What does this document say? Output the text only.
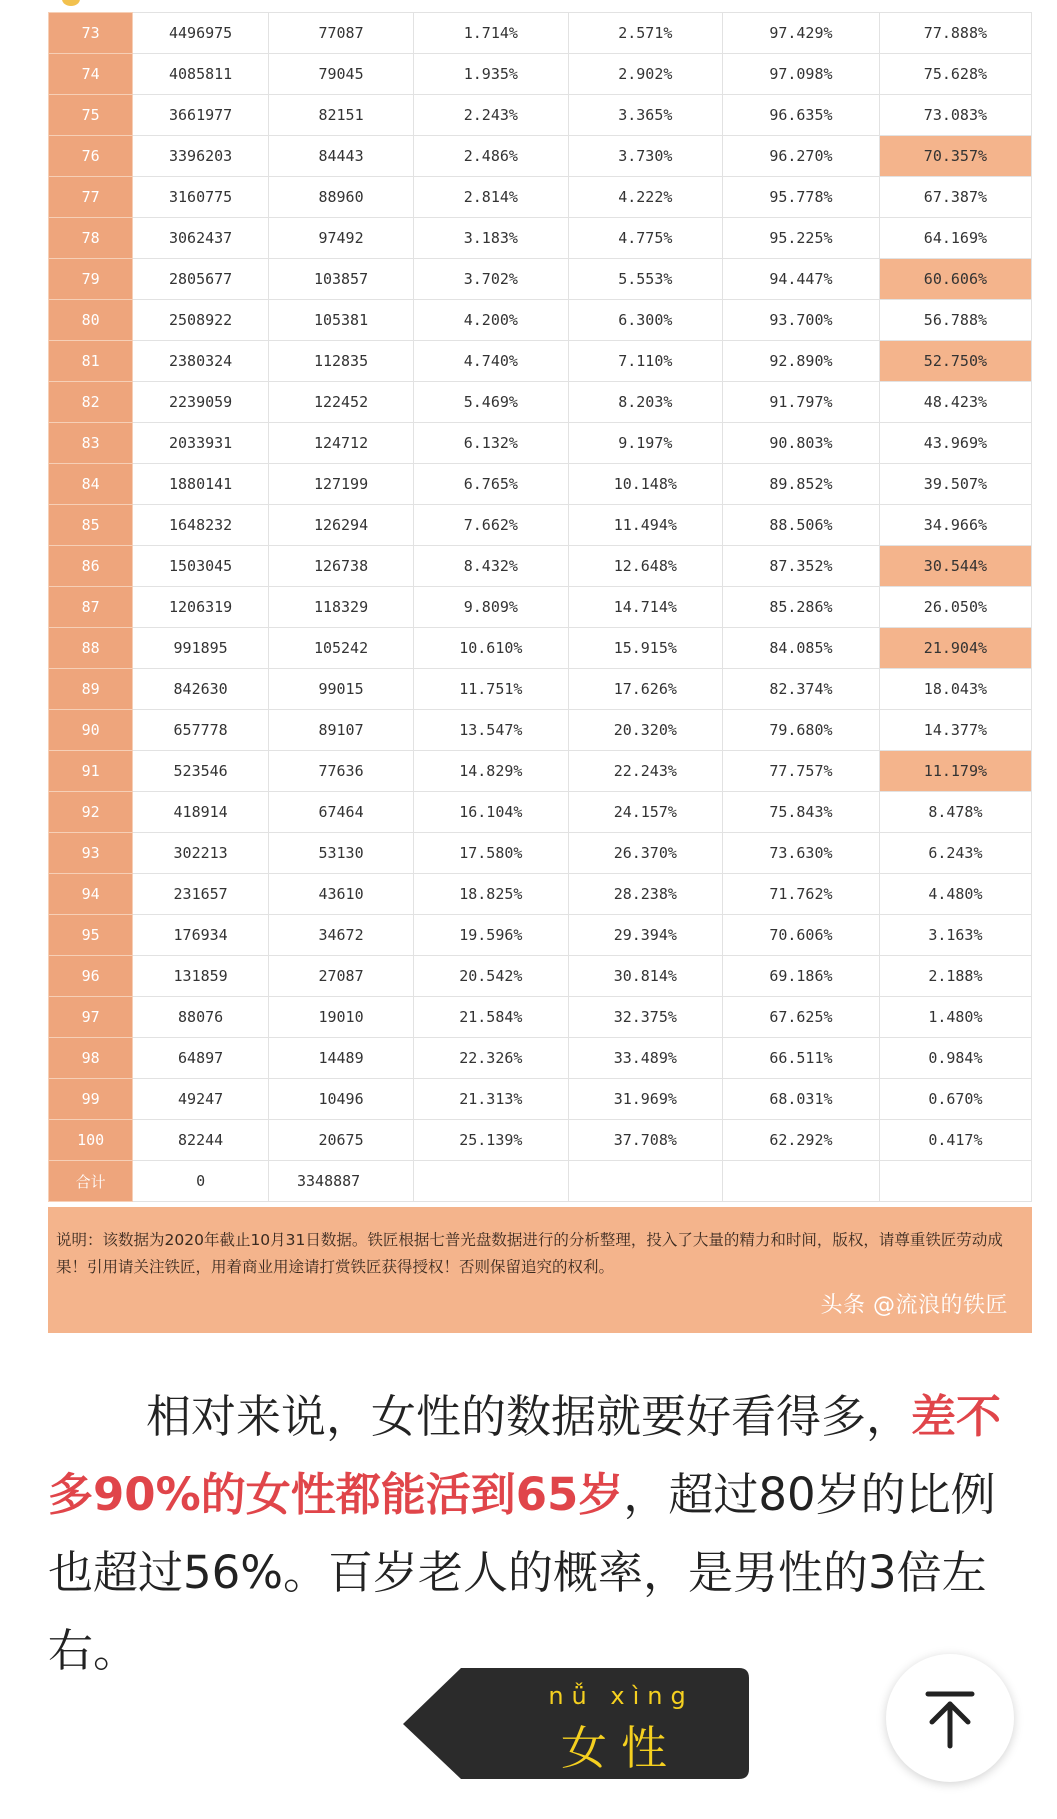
73	4496975	77087	1.714%	2.571%	97.429%	77.888%
74	4085811	79045	1.935%	2.902%	97.098%	75.628%
75	3661977	82151	2.243%	3.365%	96.635%	73.083%
76	3396203	84443	2.486%	3.730%	96.270%	70.357%
77	3160775	88960	2.814%	4.222%	95.778%	67.387%
78	3062437	97492	3.183%	4.775%	95.225%	64.169%
79	2805677	103857	3.702%	5.553%	94.447%	60.606%
80	2508922	105381	4.200%	6.300%	93.700%	56.788%
81	2380324	112835	4.740%	7.110%	92.890%	52.750%
82	2239059	122452	5.469%	8.203%	91.797%	48.423%
83	2033931	124712	6.132%	9.197%	90.803%	43.969%
84	1880141	127199	6.765%	10.148%	89.852%	39.507%
85	1648232	126294	7.662%	11.494%	88.506%	34.966%
86	1503045	126738	8.432%	12.648%	87.352%	30.544%
87	1206319	118329	9.809%	14.714%	85.286%	26.050%
88	991895	105242	10.610%	15.915%	84.085%	21.904%
89	842630	99015	11.751%	17.626%	82.374%	18.043%
90	657778	89107	13.547%	20.320%	79.680%	14.377%
91	523546	77636	14.829%	22.243%	77.757%	11.179%
92	418914	67464	16.104%	24.157%	75.843%	8.478%
93	302213	53130	17.580%	26.370%	73.630%	6.243%
94	231657	43610	18.825%	28.238%	71.762%	4.480%
95	176934	34672	19.596%	29.394%	70.606%	3.163%
96	131859	27087	20.542%	30.814%	69.186%	2.188%
97	88076	19010	21.584%	32.375%	67.625%	1.480%
98	64897	14489	22.326%	33.489%	66.511%	0.984%
99	49247	10496	21.313%	31.969%	68.031%	0.670%
100	82244	20675	25.139%	37.708%	62.292%	0.417%
合计	0	3348887				
说明：该数据为2020年截止10月31日数据。铁匠根据七普光盘数据进行的分析整理，投入了大量的精力和时间，版权，请尊重铁匠劳动成果！引用请关注铁匠，用着商业用途请打赏铁匠获得授权！否则保留追究的权利。
头条 @流浪的铁匠
相对来说，女性的数据就要好看得多，差不多90%的女性都能活到65岁，超过80岁的比例也超过56%。百岁老人的概率，是男性的3倍左右。
nǚ xìng
女性
